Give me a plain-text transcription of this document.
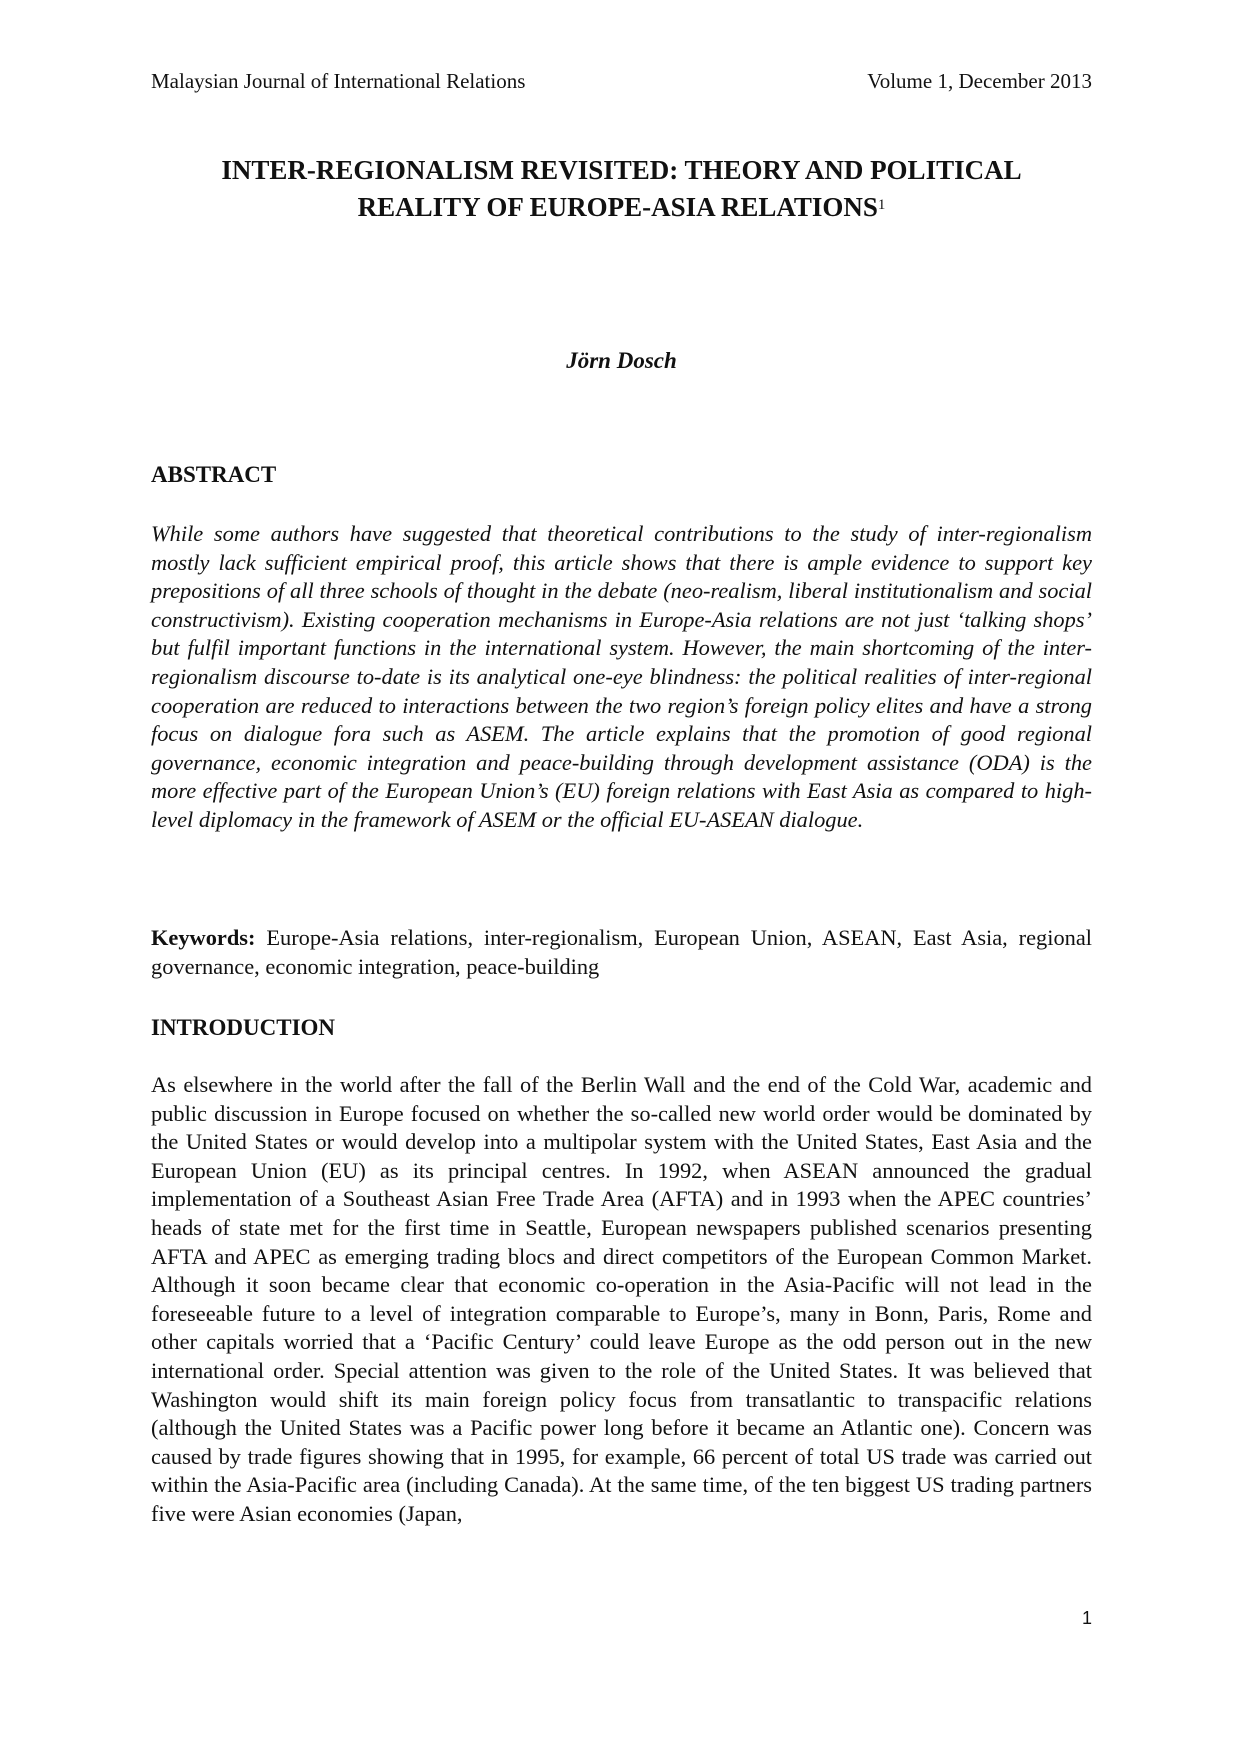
Malaysian Journal of International Relations	Volume 1, December 2013
INTER-REGIONALISM REVISITED: THEORY AND POLITICAL
REALITY OF EUROPE-ASIA RELATIONS$^1$
Jörn Dosch
ABSTRACT

While some authors have suggested that theoretical contributions to the study of inter-regionalism mostly lack sufficient empirical proof, this article shows that there is ample evidence to support key prepositions of all three schools of thought in the debate (neo-realism, liberal institutionalism and social constructivism). Existing cooperation mechanisms in Europe-Asia relations are not just ‘talking shops’ but fulfil important functions in the international system. However, the main shortcoming of the inter-regionalism discourse to-date is its analytical one-eye blindness: the political realities of inter-regional cooperation are reduced to interactions between the two region’s foreign policy elites and have a strong focus on dialogue fora such as ASEM. The article explains that the promotion of good regional governance, economic integration and peace-building through development assistance (ODA) is the more effective part of the European Union’s (EU) foreign relations with East Asia as compared to high-level diplomacy in the framework of ASEM or the official EU-ASEAN dialogue.

Keywords: Europe-Asia relations, inter-regionalism, European Union, ASEAN, East Asia, regional governance, economic integration, peace-building

INTRODUCTION

As elsewhere in the world after the fall of the Berlin Wall and the end of the Cold War, academic and public discussion in Europe focused on whether the so-called new world order would be dominated by the United States or would develop into a multipolar system with the United States, East Asia and the European Union (EU) as its principal centres. In 1992, when ASEAN announced the gradual implementation of a Southeast Asian Free Trade Area (AFTA) and in 1993 when the APEC countries’ heads of state met for the first time in Seattle, European newspapers published scenarios presenting AFTA and APEC as emerging trading blocs and direct competitors of the European Common Market. Although it soon became clear that economic co-operation in the Asia-Pacific will not lead in the foreseeable future to a level of integration comparable to Europe’s, many in Bonn, Paris, Rome and other capitals worried that a ‘Pacific Century’ could leave Europe as the odd person out in the new international order. Special attention was given to the role of the United States. It was believed that Washington would shift its main foreign policy focus from transatlantic to transpacific relations (although the United States was a Pacific power long before it became an Atlantic one). Concern was caused by trade figures showing that in 1995, for example, 66 percent of total US trade was carried out within the Asia-Pacific area (including Canada). At the same time, of the ten biggest US trading partners five were Asian economies (Japan,

1
